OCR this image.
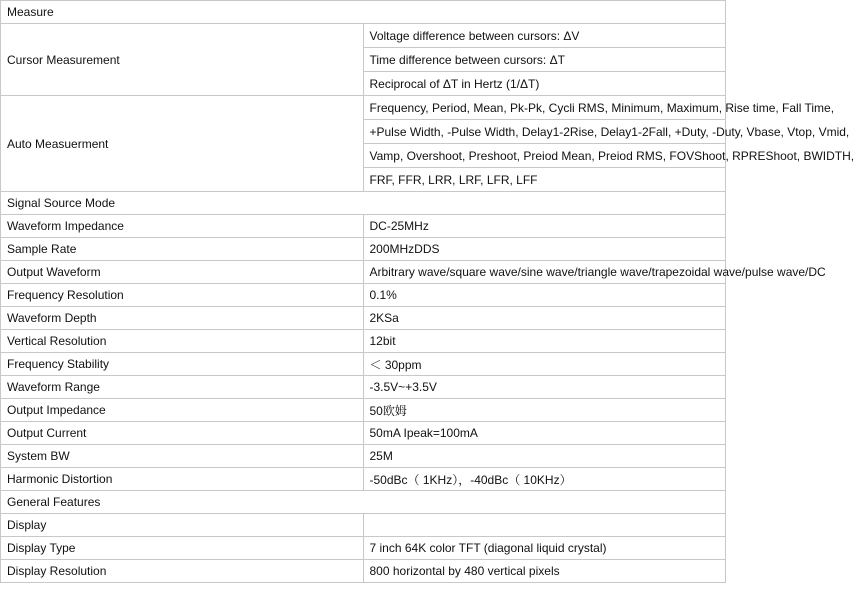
Measure	
Cursor Measurement	Voltage difference between cursors: ΔV
	Time difference between cursors: ΔT
	Reciprocal of ΔT in Hertz (1/ΔT)
Auto Measuerment	Frequency, Period, Mean, Pk-Pk, Cycli RMS, Minimum, Maximum, Rise time, Fall Time,
	+Pulse Width, -Pulse Width, Delay1-2Rise, Delay1-2Fall, +Duty, -Duty, Vbase, Vtop, Vmid,
	Vamp, Overshoot, Preshoot, Preiod Mean, Preiod RMS, FOVShoot, RPREShoot, BWIDTH,
	FRF, FFR, LRR, LRF, LFR, LFF
Signal Source Mode	
Waveform Impedance	DC-25MHz
Sample Rate	200MHzDDS
Output Waveform	Arbitrary wave/square wave/sine wave/triangle wave/trapezoidal wave/pulse wave/DC
Frequency Resolution	0.1%
Waveform Depth	2KSa
Vertical Resolution	12bit
Frequency Stability	＜ 30ppm
Waveform Range	-3.5V~+3.5V
Output Impedance	50欧姆
Output Current	50mA Ipeak=100mA
System BW	25M
Harmonic Distortion	-50dBc（ 1KHz），-40dBc（ 10KHz）
General Features	
Display	
Display Type	7 inch 64K color TFT (diagonal liquid crystal)
Display Resolution	800 horizontal by 480 vertical pixels
